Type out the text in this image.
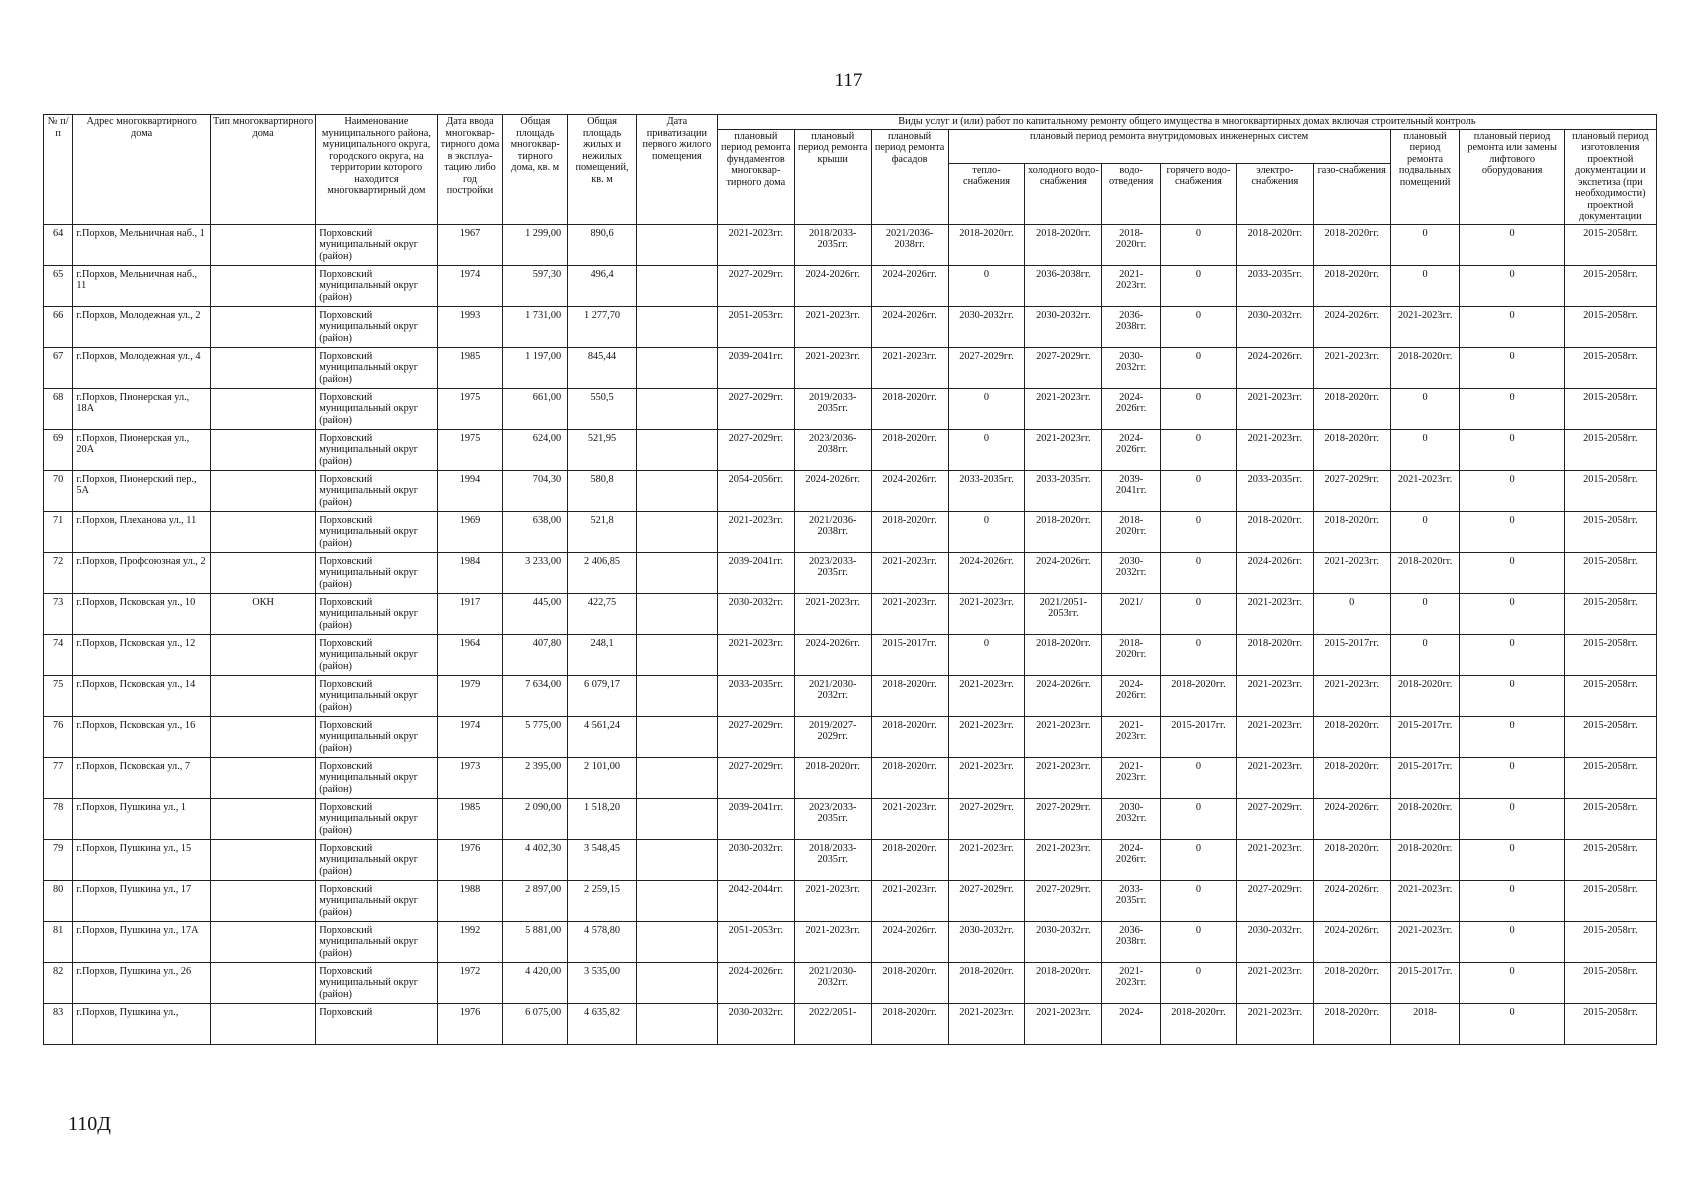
117
№ п/п	Адрес многоквартирного дома	Тип многоквартирного дома	Наименование муниципального района, муниципального округа, городского округа, на территории которого находится многоквартирный дом	Дата ввода многоквар-тирного дома в эксплуа-тацию либо год постройки	Общая площадь многоквар-тирного дома, кв. м	Общая площадь жилых и нежилых помещений, кв. м	Дата приватизации первого жилого помещения	Виды услуг и (или) работ по капитальному ремонту общего имущества в многоквартирных домах включая строительный контроль											
								плановый период ремонта фундаментов многоквар-тирного дома	плановый период ремонта крыши	плановый период ремонта фасадов	плановый период ремонта внутридомовых инженерных систем						плановый период ремонта подвальных помещений	плановый период ремонта или замены лифтового оборудования	плановый период изготовления проектной документации и экспетиза (при необходимости) проектной документации
											тепло-снабжения	холодного водо-снабжения	водо-отведения	горячего водо-снабжения	электро-снабжения	газо-снабжения			
64	г.Порхов, Мельничная наб., 1		Порховский муниципальный округ (район)	1967	1 299,00	890,6		2021-2023гг.	2018/2033-2035гг.	2021/2036-2038гг.	2018-2020гг.	2018-2020гг.	2018-2020гг.	0	2018-2020гг.	2018-2020гг.	0	0	2015-2058гг.
65	г.Порхов, Мельничная наб., 11		Порховский муниципальный округ (район)	1974	597,30	496,4		2027-2029гг.	2024-2026гг.	2024-2026гг.	0	2036-2038гг.	2021-2023гг.	0	2033-2035гг.	2018-2020гг.	0	0	2015-2058гг.
66	г.Порхов, Молодежная ул., 2		Порховский муниципальный округ (район)	1993	1 731,00	1 277,70		2051-2053гг.	2021-2023гг.	2024-2026гг.	2030-2032гг.	2030-2032гг.	2036-2038гг.	0	2030-2032гг.	2024-2026гг.	2021-2023гг.	0	2015-2058гг.
67	г.Порхов, Молодежная ул., 4		Порховский муниципальный округ (район)	1985	1 197,00	845,44		2039-2041гг.	2021-2023гг.	2021-2023гг.	2027-2029гг.	2027-2029гг.	2030-2032гг.	0	2024-2026гг.	2021-2023гг.	2018-2020гг.	0	2015-2058гг.
68	г.Порхов, Пионерская ул., 18А		Порховский муниципальный округ (район)	1975	661,00	550,5		2027-2029гг.	2019/2033-2035гг.	2018-2020гг.	0	2021-2023гг.	2024-2026гг.	0	2021-2023гг.	2018-2020гг.	0	0	2015-2058гг.
69	г.Порхов, Пионерская ул., 20А		Порховский муниципальный округ (район)	1975	624,00	521,95		2027-2029гг.	2023/2036-2038гг.	2018-2020гг.	0	2021-2023гг.	2024-2026гг.	0	2021-2023гг.	2018-2020гг.	0	0	2015-2058гг.
70	г.Порхов, Пионерский пер., 5А		Порховский муниципальный округ (район)	1994	704,30	580,8		2054-2056гг.	2024-2026гг.	2024-2026гг.	2033-2035гг.	2033-2035гг.	2039-2041гг.	0	2033-2035гг.	2027-2029гг.	2021-2023гг.	0	2015-2058гг.
71	г.Порхов, Плеханова ул., 11		Порховский муниципальный округ (район)	1969	638,00	521,8		2021-2023гг.	2021/2036-2038гг.	2018-2020гг.	0	2018-2020гг.	2018-2020гг.	0	2018-2020гг.	2018-2020гг.	0	0	2015-2058гг.
72	г.Порхов, Профсоюзная ул., 2		Порховский муниципальный округ (район)	1984	3 233,00	2 406,85		2039-2041гг.	2023/2033-2035гг.	2021-2023гг.	2024-2026гг.	2024-2026гг.	2030-2032гг.	0	2024-2026гг.	2021-2023гг.	2018-2020гг.	0	2015-2058гг.
73	г.Порхов, Псковская ул., 10	ОКН	Порховский муниципальный округ (район)	1917	445,00	422,75		2030-2032гг.	2021-2023гг.	2021-2023гг.	2021-2023гг.	2021/2051-2053гг.	2021/	0	2021-2023гг.	0	0	0	2015-2058гг.
74	г.Порхов, Псковская ул., 12		Порховский муниципальный округ (район)	1964	407,80	248,1		2021-2023гг.	2024-2026гг.	2015-2017гг.	0	2018-2020гг.	2018-2020гг.	0	2018-2020гг.	2015-2017гг.	0	0	2015-2058гг.
75	г.Порхов, Псковская ул., 14		Порховский муниципальный округ (район)	1979	7 634,00	6 079,17		2033-2035гг.	2021/2030-2032гг.	2018-2020гг.	2021-2023гг.	2024-2026гг.	2024-2026гг.	2018-2020гг.	2021-2023гг.	2021-2023гг.	2018-2020гг.	0	2015-2058гг.
76	г.Порхов, Псковская ул., 16		Порховский муниципальный округ (район)	1974	5 775,00	4 561,24		2027-2029гг.	2019/2027-2029гг.	2018-2020гг.	2021-2023гг.	2021-2023гг.	2021-2023гг.	2015-2017гг.	2021-2023гг.	2018-2020гг.	2015-2017гг.	0	2015-2058гг.
77	г.Порхов, Псковская ул., 7		Порховский муниципальный округ (район)	1973	2 395,00	2 101,00		2027-2029гг.	2018-2020гг.	2018-2020гг.	2021-2023гг.	2021-2023гг.	2021-2023гг.	0	2021-2023гг.	2018-2020гг.	2015-2017гг.	0	2015-2058гг.
78	г.Порхов, Пушкина ул., 1		Порховский муниципальный округ (район)	1985	2 090,00	1 518,20		2039-2041гг.	2023/2033-2035гг.	2021-2023гг.	2027-2029гг.	2027-2029гг.	2030-2032гг.	0	2027-2029гг.	2024-2026гг.	2018-2020гг.	0	2015-2058гг.
79	г.Порхов, Пушкина ул., 15		Порховский муниципальный округ (район)	1976	4 402,30	3 548,45		2030-2032гг.	2018/2033-2035гг.	2018-2020гг.	2021-2023гг.	2021-2023гг.	2024-2026гг.	0	2021-2023гг.	2018-2020гг.	2018-2020гг.	0	2015-2058гг.
80	г.Порхов, Пушкина ул., 17		Порховский муниципальный округ (район)	1988	2 897,00	2 259,15		2042-2044гг.	2021-2023гг.	2021-2023гг.	2027-2029гг.	2027-2029гг.	2033-2035гг.	0	2027-2029гг.	2024-2026гг.	2021-2023гг.	0	2015-2058гг.
81	г.Порхов, Пушкина ул., 17А		Порховский муниципальный округ (район)	1992	5 881,00	4 578,80		2051-2053гг.	2021-2023гг.	2024-2026гг.	2030-2032гг.	2030-2032гг.	2036-2038гг.	0	2030-2032гг.	2024-2026гг.	2021-2023гг.	0	2015-2058гг.
82	г.Порхов, Пушкина ул., 26		Порховский муниципальный округ (район)	1972	4 420,00	3 535,00		2024-2026гг.	2021/2030-2032гг.	2018-2020гг.	2018-2020гг.	2018-2020гг.	2021-2023гг.	0	2021-2023гг.	2018-2020гг.	2015-2017гг.	0	2015-2058гг.
83	г.Порхов, Пушкина ул.,		Порховский	1976	6 075,00	4 635,82		2030-2032гг.	2022/2051-	2018-2020гг.	2021-2023гг.	2021-2023гг.	2024-	2018-2020гг.	2021-2023гг.	2018-2020гг.	2018-	0	2015-2058гг.
110Д
